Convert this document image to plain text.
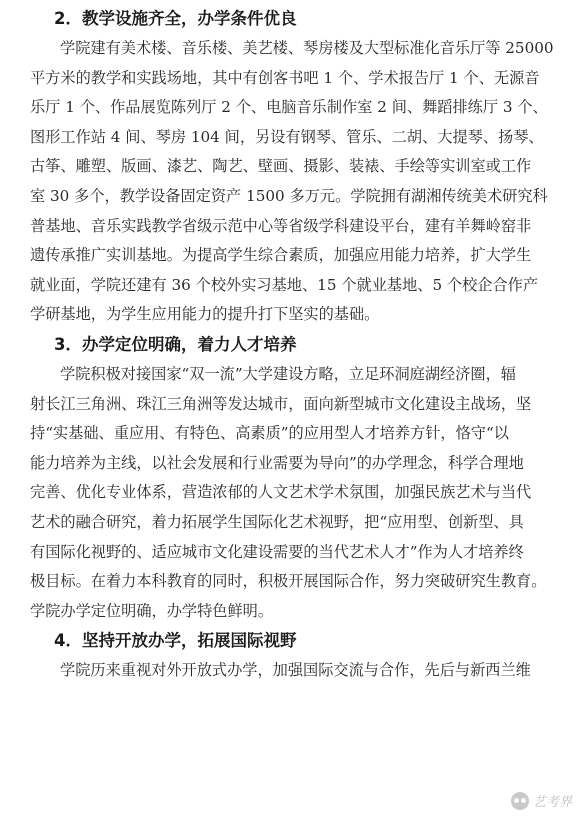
2．教学设施齐全，办学条件优良

学院建有美术楼、音乐楼、美艺楼、琴房楼及大型标准化音乐厅等 25000
平方米的教学和实践场地，其中有创客书吧 1 个、学术报告厅 1 个、无源音
乐厅 1 个、作品展览陈列厅 2 个、电脑音乐制作室 2 间、舞蹈排练厅 3 个、
图形工作站 4 间、琴房 104 间，另设有钢琴、管乐、二胡、大提琴、扬琴、
古筝、雕塑、版画、漆艺、陶艺、壁画、摄影、装裱、手绘等实训室或工作
室 30 多个，教学设备固定资产 1500 多万元。学院拥有湖湘传统美术研究科
普基地、音乐实践教学省级示范中心等省级学科建设平台，建有羊舞岭窑非
遗传承推广实训基地。为提高学生综合素质，加强应用能力培养，扩大学生
就业面，学院还建有 36 个校外实习基地、15 个就业基地、5 个校企合作产
学研基地，为学生应用能力的提升打下坚实的基础。

3．办学定位明确，着力人才培养

学院积极对接国家“双一流”大学建设方略，立足环洞庭湖经济圈，辐
射长江三角洲、珠江三角洲等发达城市，面向新型城市文化建设主战场，坚
持“实基础、重应用、有特色、高素质”的应用型人才培养方针，恪守“以
能力培养为主线，以社会发展和行业需要为导向”的办学理念，科学合理地
完善、优化专业体系，营造浓郁的人文艺术学术氛围，加强民族艺术与当代
艺术的融合研究，着力拓展学生国际化艺术视野，把“应用型、创新型、具
有国际化视野的、适应城市文化建设需要的当代艺术人才”作为人才培养终
极目标。在着力本科教育的同时，积极开展国际合作，努力突破研究生教育。
学院办学定位明确，办学特色鲜明。

4．坚持开放办学，拓展国际视野

学院历来重视对外开放式办学，加强国际交流与合作，先后与新西兰维

艺考界
